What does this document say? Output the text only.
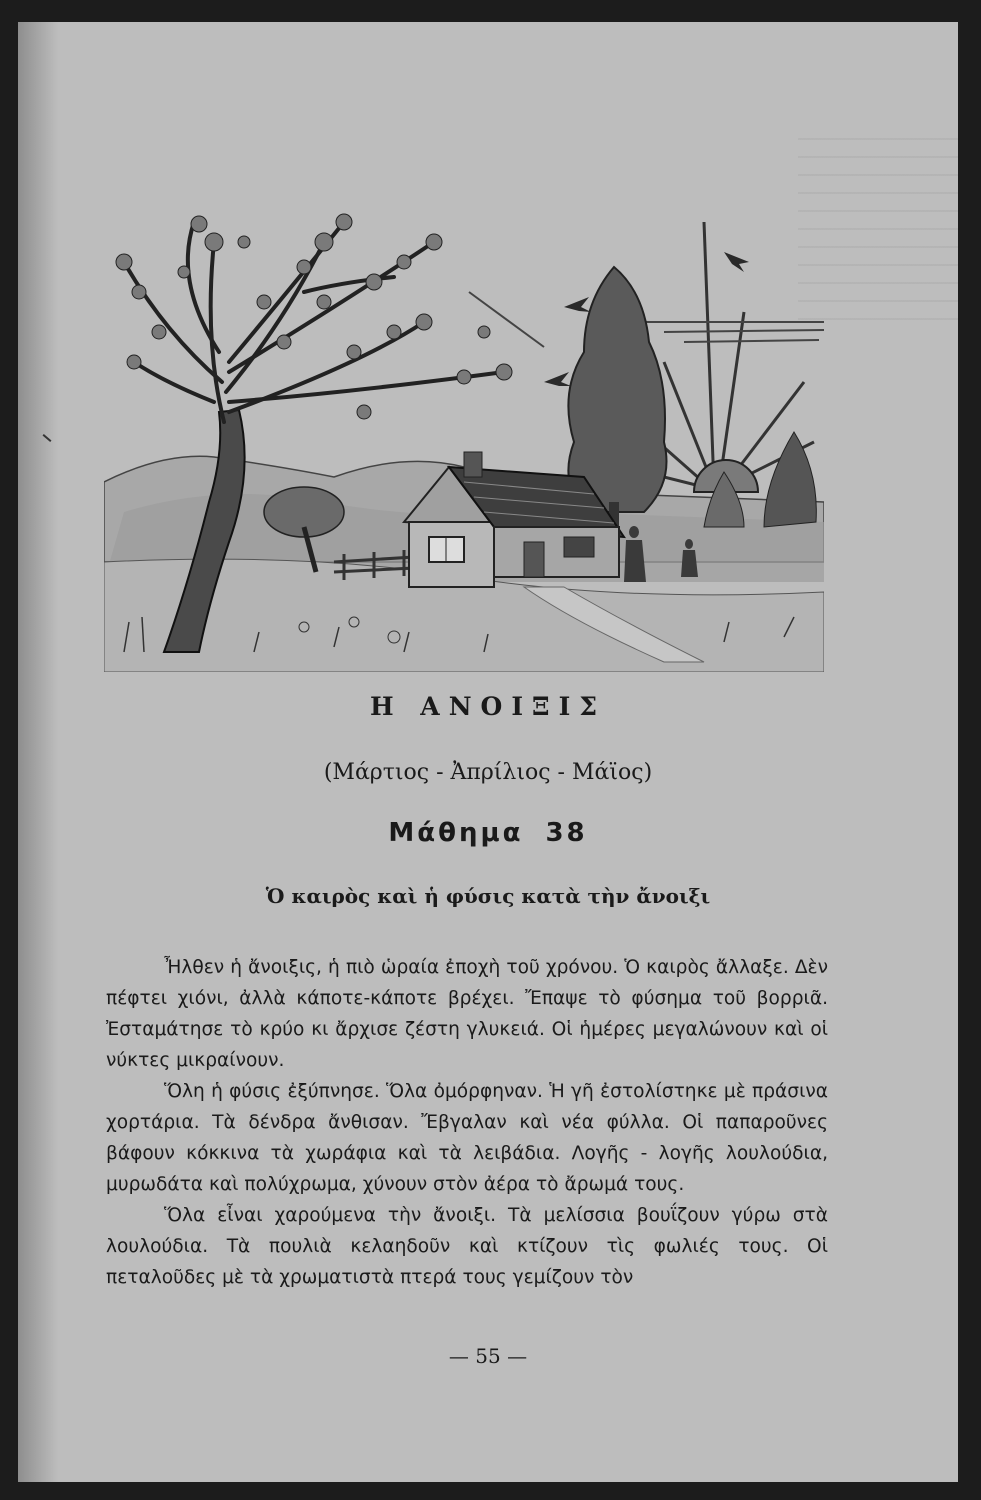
Η ΑΝΟΙΞΙΣ
(Μάρτιος - Ἀπρίλιος - Μάϊος)
Μάθημα 38
Ὁ καιρὸς καὶ ἡ φύσις κατὰ τὴν ἄνοιξι

Ἦλθεν ἡ ἄνοιξις, ἡ πιὸ ὡραία ἐποχὴ τοῦ χρόνου. Ὁ καιρὸς ἄλλαξε. Δὲν πέφτει χιόνι, ἀλλὰ κάποτε-κάποτε βρέχει. Ἔπαψε τὸ φύσημα τοῦ βορριᾶ. Ἐσταμάτησε τὸ κρύο κι ἄρχισε ζέστη γλυκειά. Οἱ ἡμέρες μεγαλώνουν καὶ οἱ νύκτες μικραίνουν.

Ὅλη ἡ φύσις ἐξύπνησε. Ὅλα ὀμόρφηναν. Ἡ γῆ ἐστολίστηκε μὲ πράσινα χορτάρια. Τὰ δένδρα ἄνθισαν. Ἔβγαλαν καὶ νέα φύλλα. Οἱ παπαροῦνες βάφουν κόκκινα τὰ χωράφια καὶ τὰ λειβάδια. Λογῆς - λογῆς λουλούδια, μυρωδάτα καὶ πολύχρωμα, χύνουν στὸν ἀέρα τὸ ἄρωμά τους.

Ὅλα εἶναι χαρούμενα τὴν ἄνοιξι. Τὰ μελίσσια βουΐζουν γύρω στὰ λουλούδια. Τὰ πουλιὰ κελαηδοῦν καὶ κτίζουν τὶς φωλιές τους. Οἱ πεταλοῦδες μὲ τὰ χρωματιστὰ πτερά τους γεμίζουν τὸν

— 55 —
